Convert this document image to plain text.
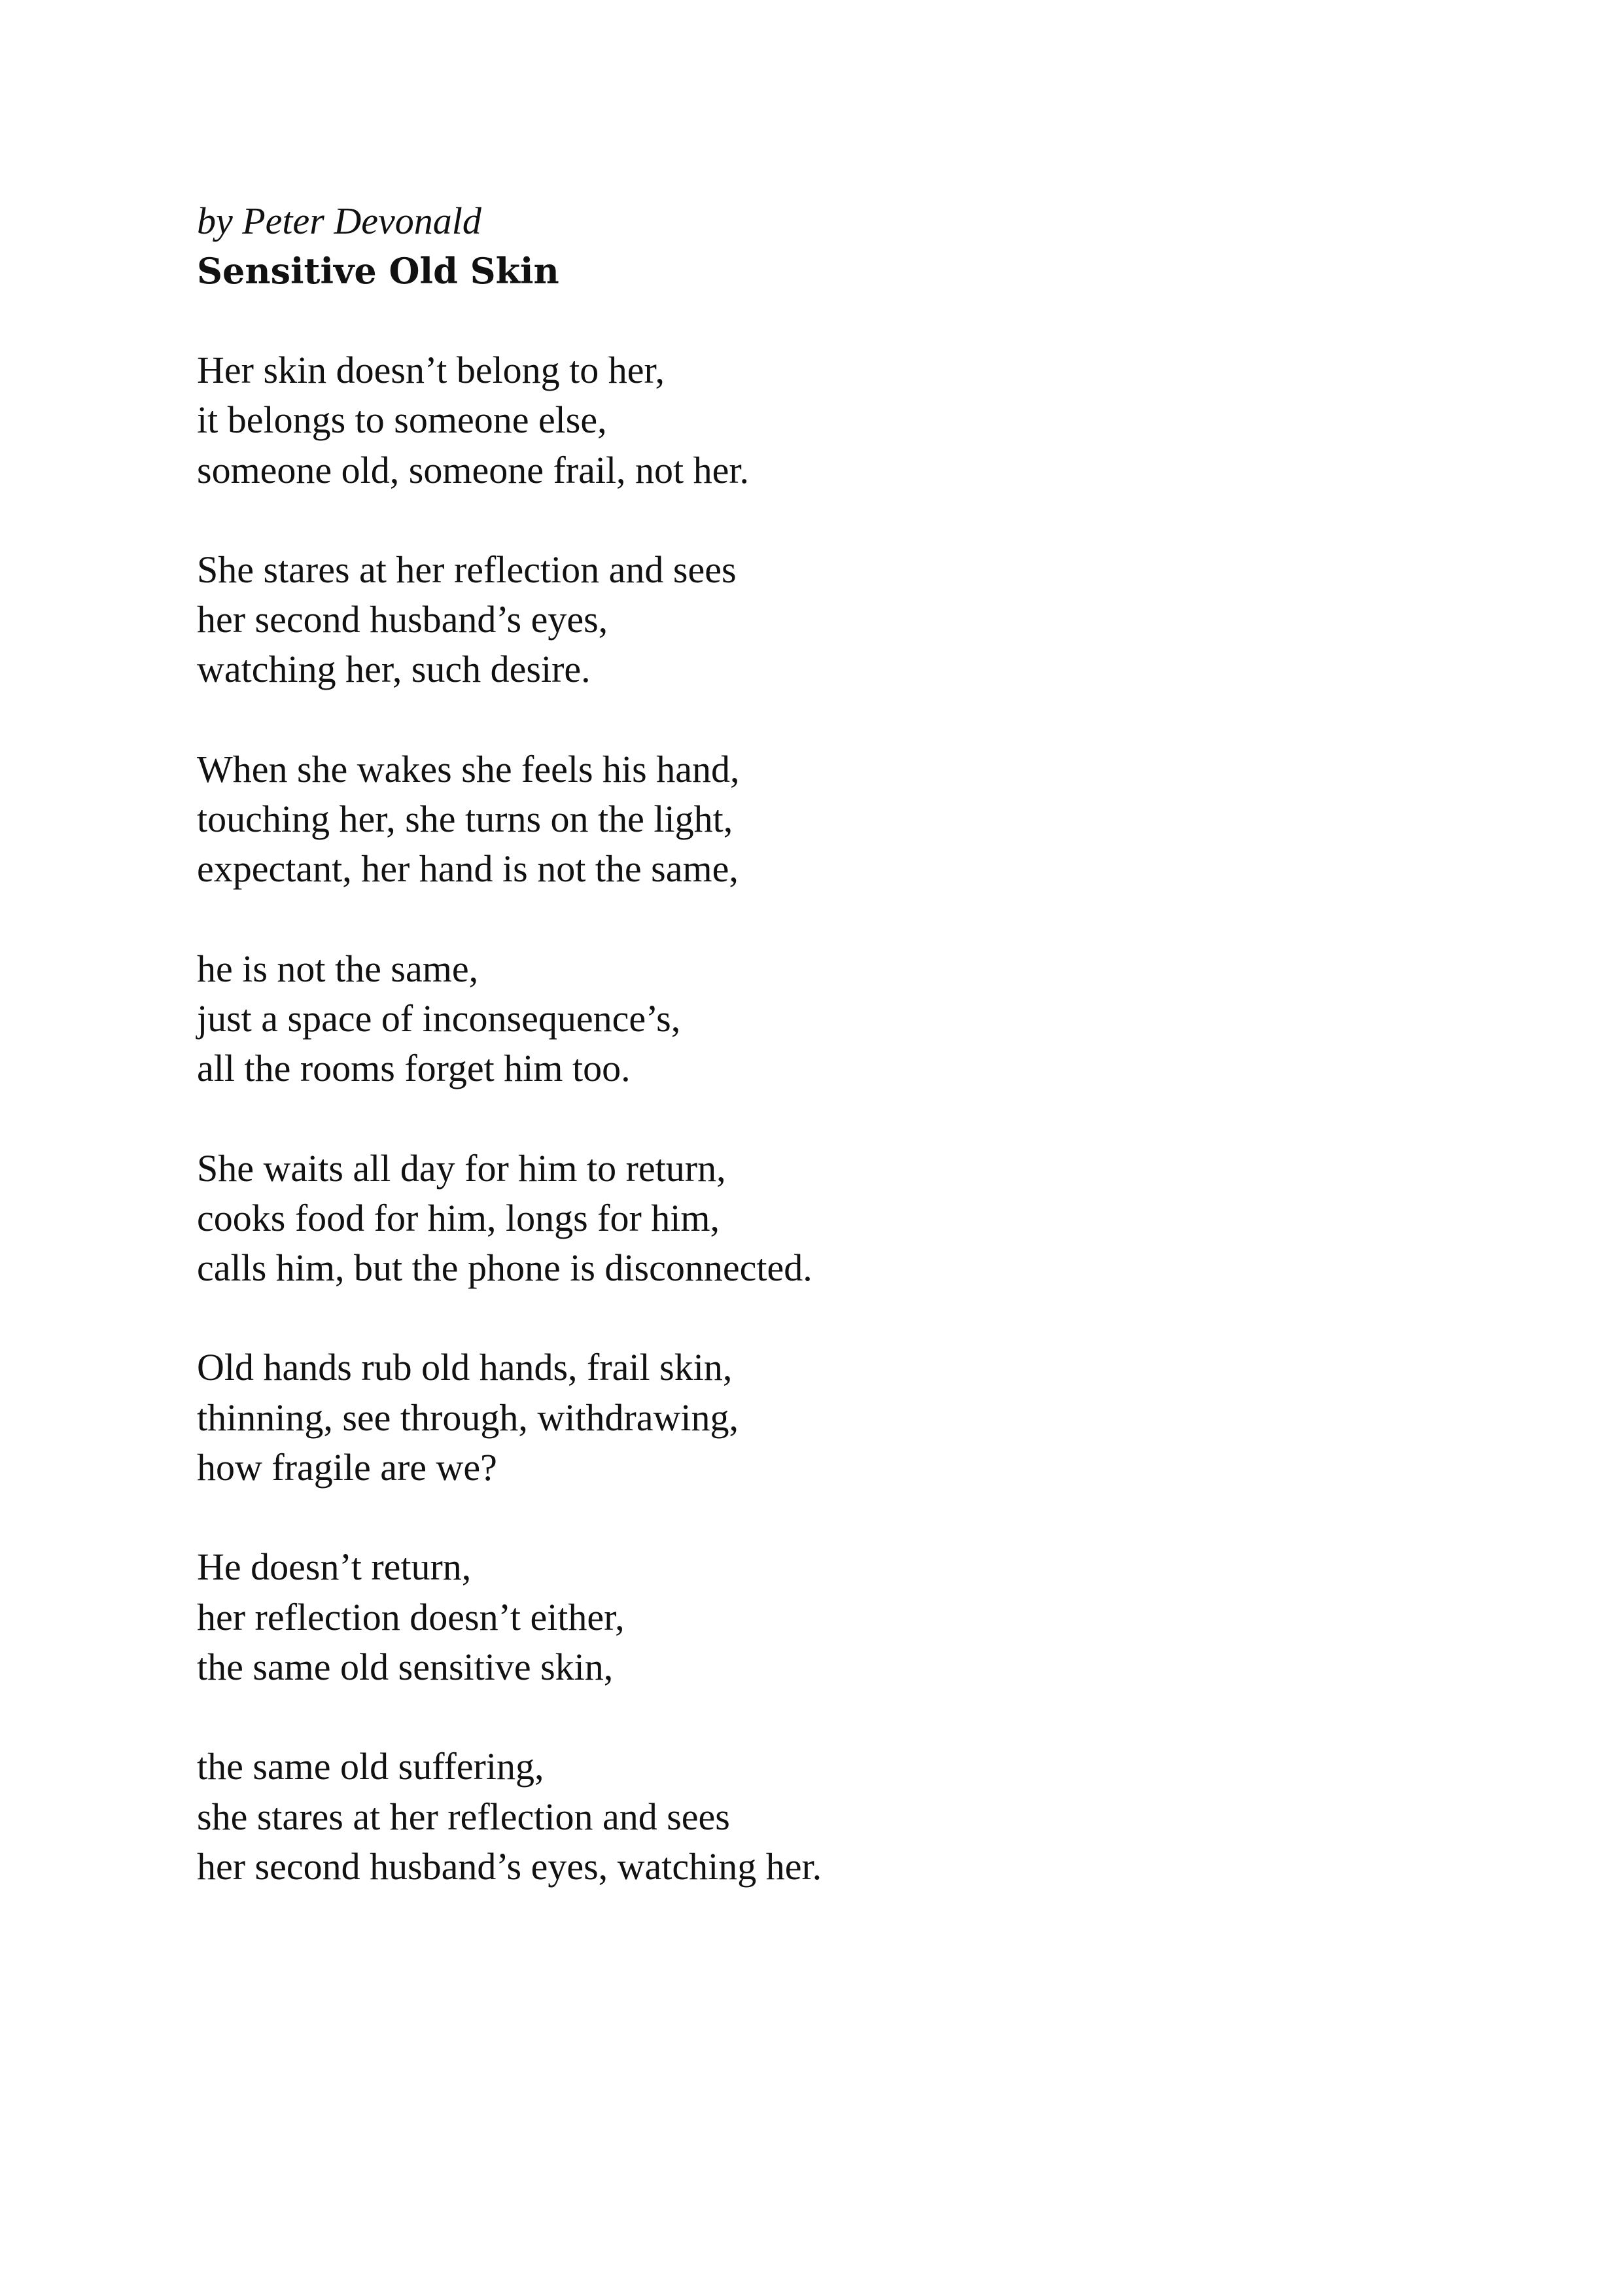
by Peter Devonald

Sensitive Old Skin
Her skin doesn’t belong to her,
it belongs to someone else,
someone old, someone frail, not her.
She stares at her reflection and sees
her second husband’s eyes,
watching her, such desire.
When she wakes she feels his hand,
touching her, she turns on the light,
expectant, her hand is not the same,
he is not the same,
just a space of inconsequence’s,
all the rooms forget him too.
She waits all day for him to return,
cooks food for him, longs for him,
calls him, but the phone is disconnected.
Old hands rub old hands, frail skin,
thinning, see through, withdrawing,
how fragile are we?
He doesn’t return,
her reflection doesn’t either,
the same old sensitive skin,
the same old suffering,
she stares at her reflection and sees
her second husband’s eyes, watching her.
